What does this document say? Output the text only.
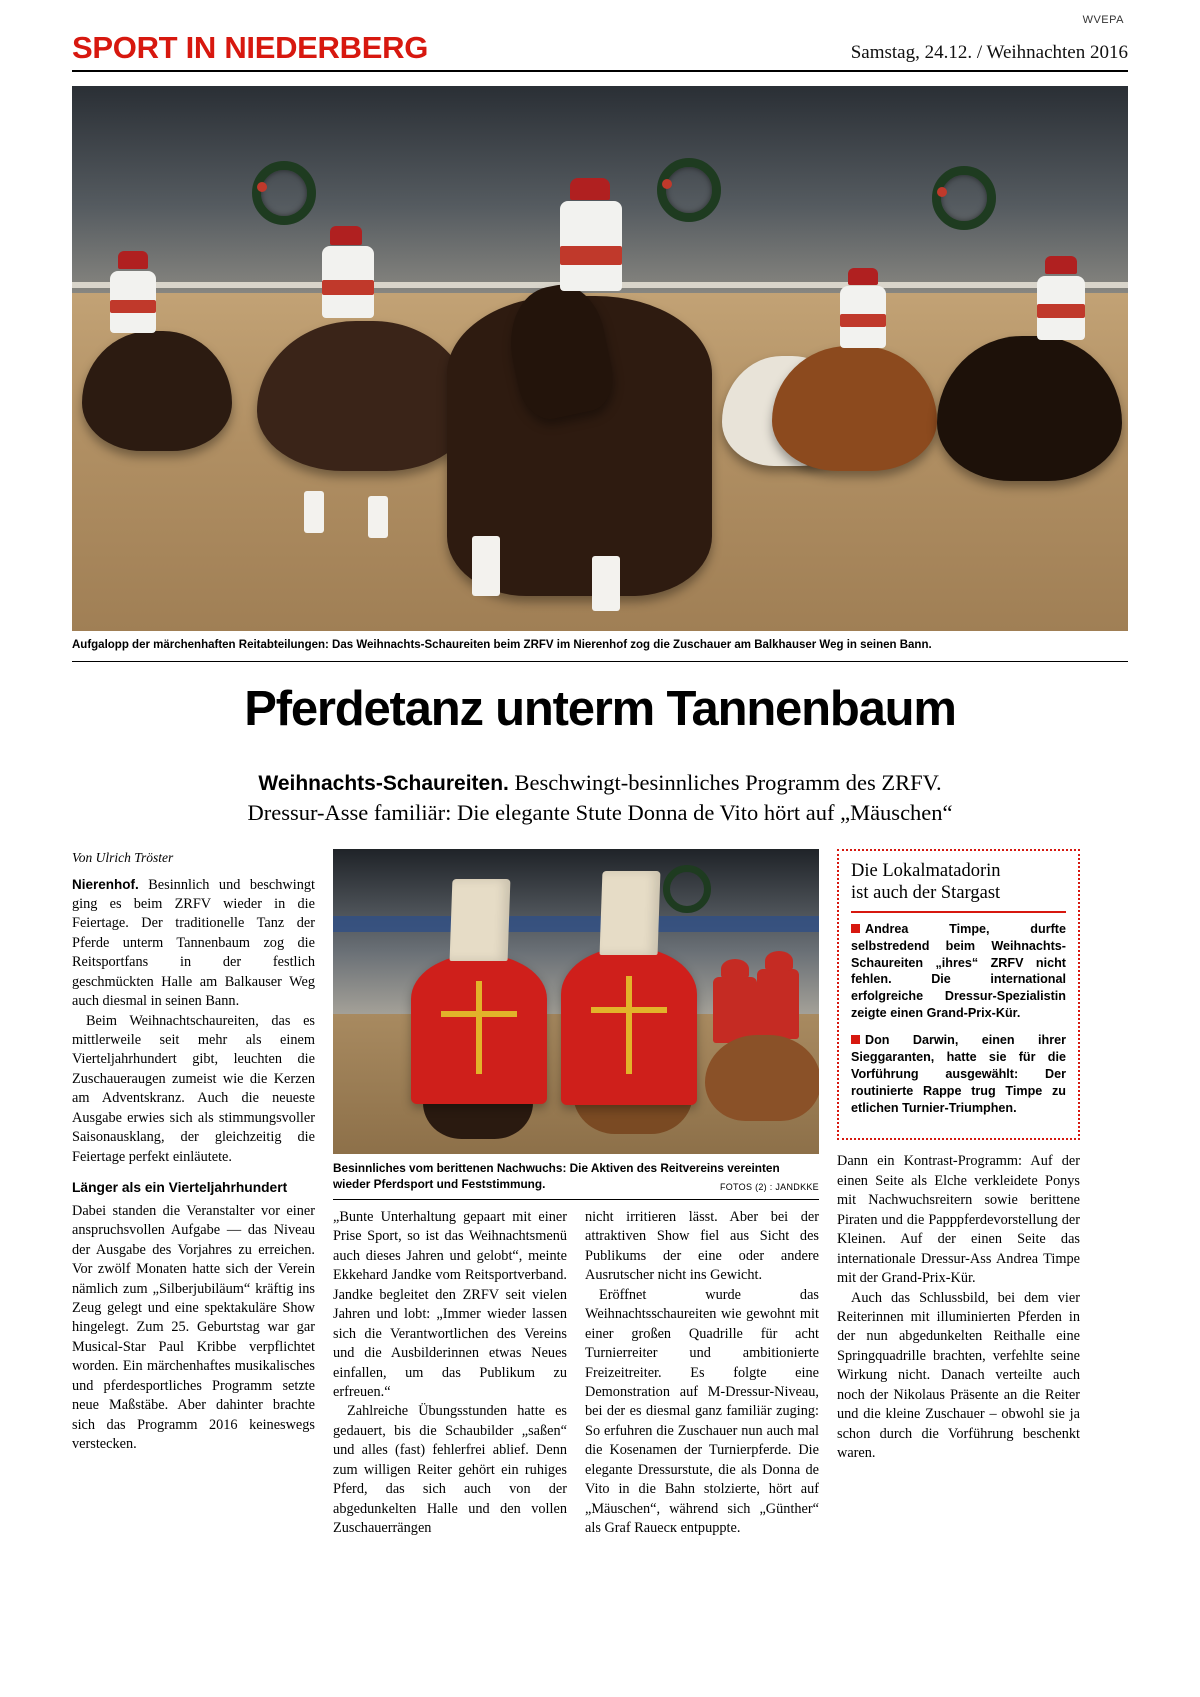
WVEPA
SPORT IN NIEDERBERG	Samstag, 24.12. / Weihnachten 2016
Aufgalopp der märchenhaften Reitabteilungen: Das Weihnachts-Schaureiten beim ZRFV im Nierenhof zog die Zuschauer am Balkhauser Weg in seinen Bann.
Pferdetanz unterm Tannenbaum
Weihnachts-Schaureiten. Beschwingt-besinnliches Programm des ZRFV.
Dressur-Asse familiär: Die elegante Stute Donna de Vito hört auf „Mäuschen“
Von Ulrich Tröster

Nierenhof. Besinnlich und beschwingt ging es beim ZRFV wieder in die Feiertage. Der traditionelle Tanz der Pferde unterm Tannenbaum zog die Reitsportfans in der festlich geschmückten Halle am Balkauser Weg auch diesmal in seinen Bann.

Beim Weihnachtschaureiten, das es mittlerweile seit mehr als einem Vierteljahrhundert gibt, leuchten die Zuschaueraugen zumeist wie die Kerzen am Adventskranz. Auch die neueste Ausgabe erwies sich als stimmungsvoller Saisonausklang, der gleichzeitig die Feiertage perfekt einläutete.

Länger als ein Vierteljahrhundert

Dabei standen die Veranstalter vor einer anspruchsvollen Aufgabe — das Niveau der Ausgabe des Vorjahres zu erreichen. Vor zwölf Monaten hatte sich der Verein nämlich zum „Silberjubiläum“ kräftig ins Zeug gelegt und eine spektakuläre Show hingelegt. Zum 25. Geburtstag war gar Musical-Star Paul Kribbe verpflichtet worden. Ein märchenhaftes musikalisches und pferdesportliches Programm setzte neue Maßstäbe. Aber dahinter brachte sich das Programm 2016 keineswegs verstecken.

Besinnliches vom berittenen Nachwuchs: Die Aktiven des Reitvereins vereinten wieder Pferdsport und Feststimmung.	FOTOS (2) : JANDKKE

„Bunte Unterhaltung gepaart mit einer Prise Sport, so ist das Weihnachtsmenü auch dieses Jahren und gelobt“, meinte Ekkehard Jandke vom Reitsportverband. Jandke begleitet den ZRFV seit vielen Jahren und lobt: „Immer wieder lassen sich die Verantwortlichen des Vereins und die Ausbilderinnen etwas Neues einfallen, um das Publikum zu erfreuen.“

Zahlreiche Übungsstunden hatte es gedauert, bis die Schaubilder „saßen“ und alles (fast) fehlerfrei ablief. Denn zum willigen Reiter gehört ein ruhiges Pferd, das sich auch von der abgedunkelten Halle und den vollen Zuschauerrängen

nicht irritieren lässt. Aber bei der attraktiven Show fiel aus Sicht des Publikums der eine oder andere Ausrutscher nicht ins Gewicht.

Eröffnet wurde das Weihnachtsschaureiten wie gewohnt mit einer großen Quadrille für acht Turnierreiter und ambitionierte Freizeitreiter. Es folgte eine Demonstration auf M-Dressur-Niveau, bei der es diesmal ganz familiär zuging: So erfuhren die Zuschauer nun auch mal die Kosenamen der Turnierpferde. Die elegante Dressurstute, die als Donna de Vito in die Bahn stolzierte, hört auf „Mäuschen“, während sich „Günther“ als Graf Rauecк entpuppte.

Die Lokalmatadorin
ist auch der Stargast

Andrea Timpe, durfte selbstredend beim Weihnachts-Schaureiten „ihres“ ZRFV nicht fehlen. Die international erfolgreiche Dressur-Spezialistin zeigte einen Grand-Prix-Kür.

Don Darwin, einen ihrer Sieggaranten, hatte sie für die Vorführung ausgewählt: Der routinierte Rappe trug Timpe zu etlichen Turnier-Triumphen.

Dann ein Kontrast-Programm: Auf der einen Seite als Elche verkleidete Ponys mit Nachwuchsreitern sowie berittene Piraten und die Papppferdevorstellung der Kleinen. Auf der einen Seite das internationale Dressur-Ass Andrea Timpe mit der Grand-Prix-Kür.

Auch das Schlussbild, bei dem vier Reiterinnen mit illuminierten Pferden in der nun abgedunkelten Reithalle eine Springquadrille brachten, verfehlte seine Wirkung nicht. Danach verteilte auch noch der Nikolaus Präsente an die Reiter und die kleine Zuschauer – obwohl sie ja schon durch die Vorführung beschenkt waren.
